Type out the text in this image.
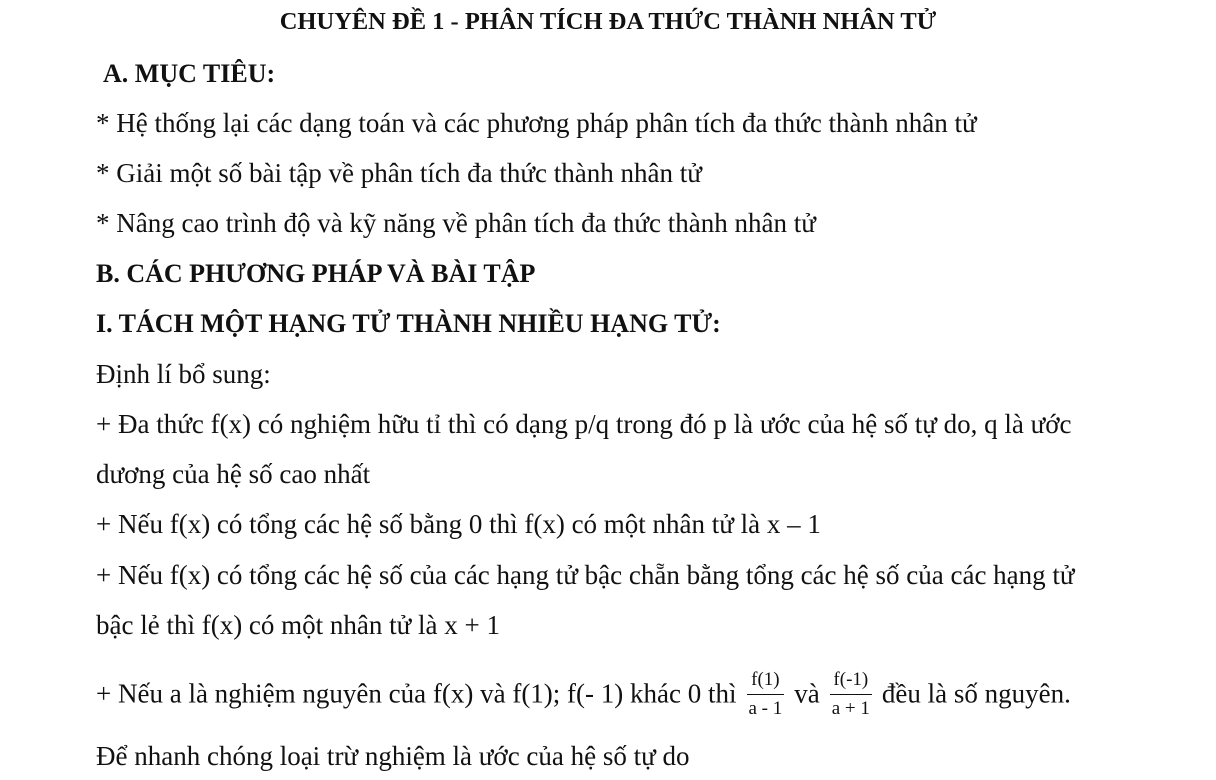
CHUYÊN ĐỀ 1 - PHÂN TÍCH ĐA THỨC THÀNH NHÂN TỬ
A. MỤC TIÊU:
* Hệ thống lại các dạng toán và các phương pháp phân tích đa thức thành nhân tử
* Giải một số bài tập về phân tích đa thức thành nhân tử
* Nâng cao trình độ và kỹ năng về phân tích đa thức thành nhân tử
B. CÁC PHƯƠNG PHÁP VÀ BÀI TẬP
I. TÁCH MỘT HẠNG TỬ THÀNH NHIỀU HẠNG TỬ:
Định lí bổ sung:
+ Đa thức f(x) có nghiệm hữu tỉ thì có dạng p/q trong đó p là ước của hệ số tự do, q là ước
dương của hệ số cao nhất
+ Nếu f(x) có tổng các hệ số bằng 0 thì f(x) có một nhân tử là x – 1
+ Nếu f(x) có tổng các hệ số của các hạng tử bậc chẵn bằng tổng các hệ số của các hạng tử
bậc lẻ thì f(x) có một nhân tử là x + 1
+ Nếu a là nghiệm nguyên của f(x) và f(1); f(- 1) khác 0 thì $\frac{f(1)}{a - 1}$ và $\frac{f(-1)}{a + 1}$ đều là số nguyên.
Để nhanh chóng loại trừ nghiệm là ước của hệ số tự do
